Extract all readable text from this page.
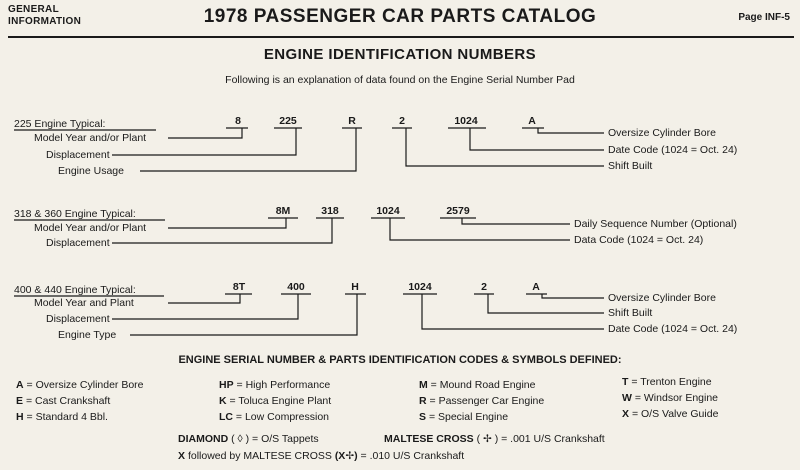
GENERAL
INFORMATION	1978 PASSENGER CAR PARTS CATALOG	Page INF-5
ENGINE IDENTIFICATION NUMBERS
Following is an explanation of data found on the Engine Serial Number Pad
225 Engine Typical:
Model Year and/or Plant
Displacement
Engine Usage
8	225	R	2	1024	A
Oversize Cylinder Bore
Date Code (1024 = Oct. 24)
Shift Built
318 & 360 Engine Typical:
Model Year and/or Plant
Displacement
8M	318	1024	2579
Daily Sequence Number (Optional)
Data Code (1024 = Oct. 24)
400 & 440 Engine Typical:
Model Year and Plant
Displacement
Engine Type
8T	400	H	1024	2	A
Oversize Cylinder Bore
Shift Built
Date Code (1024 = Oct. 24)
ENGINE SERIAL NUMBER & PARTS IDENTIFICATION CODES & SYMBOLS DEFINED:
A = Oversize Cylinder Bore
E = Cast Crankshaft
H = Standard 4 Bbl.
HP = High Performance
K = Toluca Engine Plant
LC = Low Compression
M = Mound Road Engine
R = Passenger Car Engine
S = Special Engine
T = Trenton Engine
W = Windsor Engine
X = O/S Valve Guide
DIAMOND ( ◊ ) = O/S Tappets	MALTESE CROSS ( ✢ ) = .001 U/S Crankshaft
X followed by MALTESE CROSS (X✢) = .010 U/S Crankshaft
